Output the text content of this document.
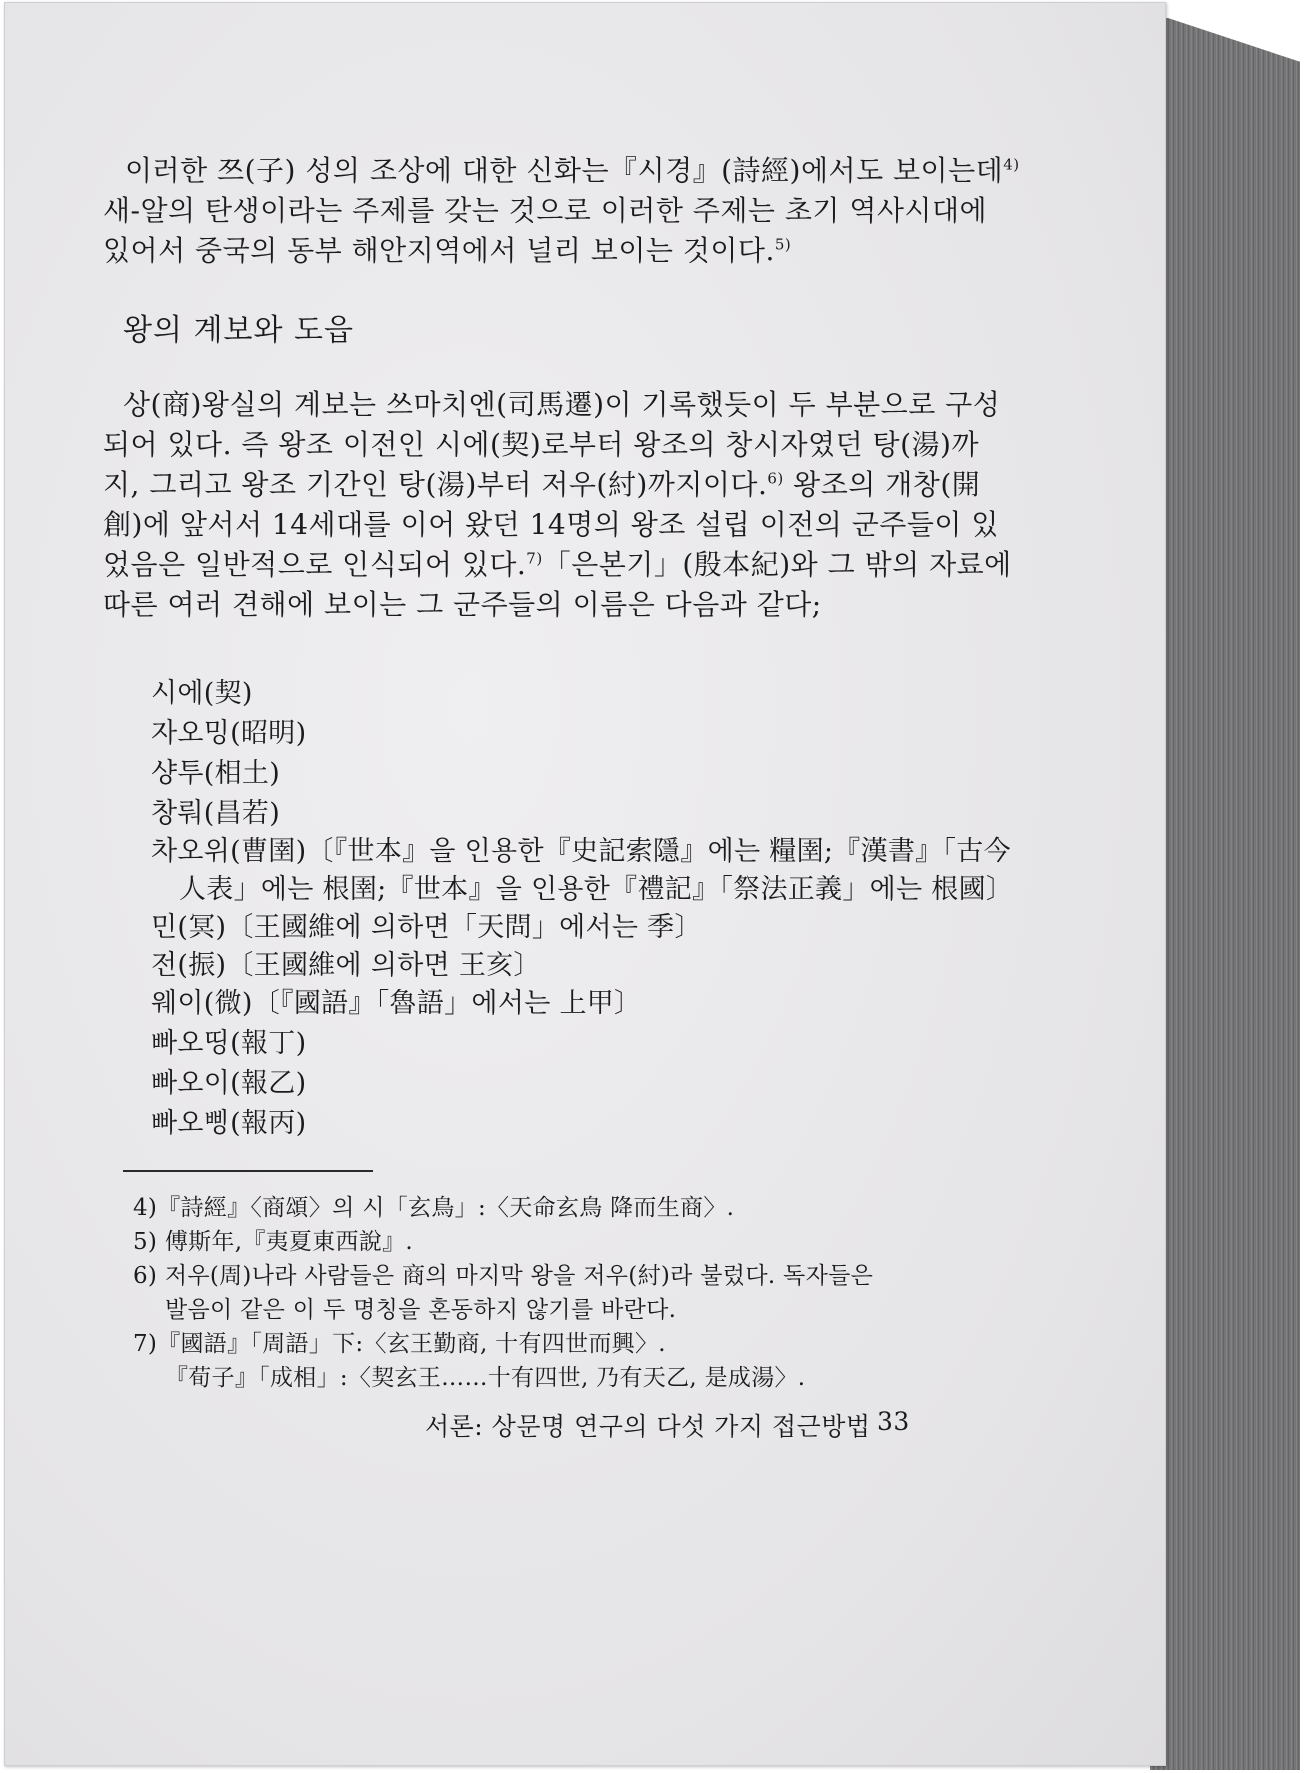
이러한 쯔(子) 성의 조상에 대한 신화는『시경』(詩經)에서도 보이는데$^{4)}$
새-알의 탄생이라는 주제를 갖는 것으로 이러한 주제는 초기 역사시대에
있어서 중국의 동부 해안지역에서 널리 보이는 것이다.$^{5)}$
왕의 계보와 도읍
상(商)왕실의 계보는 쓰마치엔(司馬遷)이 기록했듯이 두 부분으로 구성
되어 있다. 즉 왕조 이전인 시에(契)로부터 왕조의 창시자였던 탕(湯)까
지, 그리고 왕조 기간인 탕(湯)부터 저우(紂)까지이다.$^{6)}$ 왕조의 개창(開
創)에 앞서서 14세대를 이어 왔던 14명의 왕조 설립 이전의 군주들이 있
었음은 일반적으로 인식되어 있다.$^{7)}$「은본기」(殷本紀)와 그 밖의 자료에
따른 여러 견해에 보이는 그 군주들의 이름은 다음과 같다;
시에(契)
자오밍(昭明)
샹투(相土)
창뤄(昌若)
차오위(曹圉)〔『世本』을 인용한『史記索隱』에는 糧圉;『漢書』「古今
人表」에는 根圉;『世本』을 인용한『禮記』「祭法正義」에는 根國〕
민(冥)〔王國維에 의하면「天問」에서는 季〕
전(振)〔王國維에 의하면 王亥〕
웨이(微)〔『國語』「魯語」에서는 上甲〕
빠오띵(報丁)
빠오이(報乙)
빠오삥(報丙)
4)『詩經』〈商頌〉의 시「玄鳥」:〈天命玄鳥 降而生商〉.
5) 傅斯年,『夷夏東西說』.
6) 저우(周)나라 사람들은 商의 마지막 왕을 저우(紂)라 불렀다. 독자들은
발음이 같은 이 두 명칭을 혼동하지 않기를 바란다.
7)『國語』「周語」下:〈玄王勤商, 十有四世而興〉.
『荀子』「成相」:〈契玄王……十有四世, 乃有天乙, 是成湯〉.
서론: 상문명 연구의 다섯 가지 접근방법 33
